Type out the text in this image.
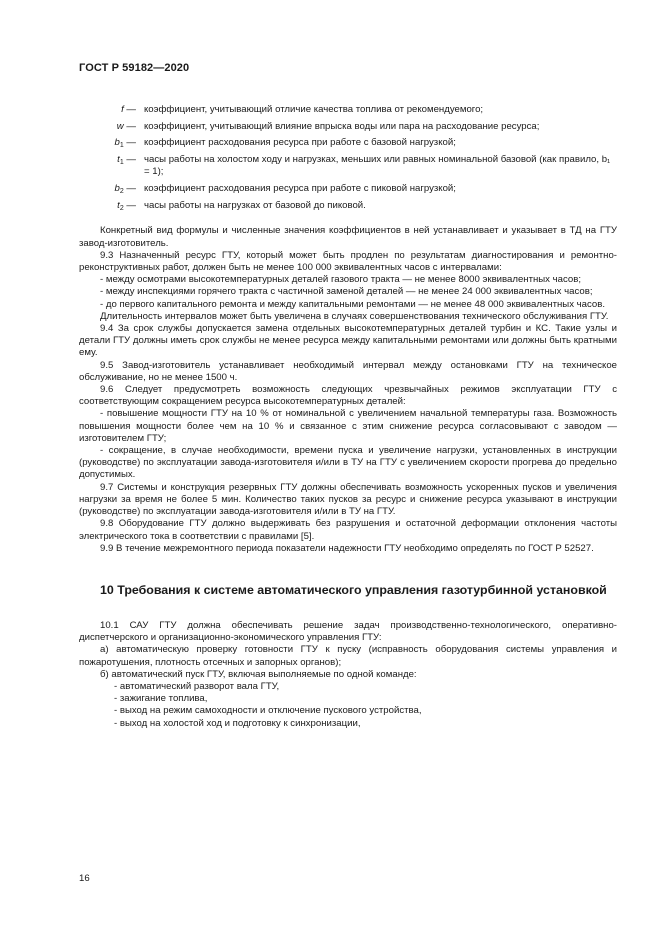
ГОСТ Р 59182—2020
f — коэффициент, учитывающий отличие качества топлива от рекомендуемого;
w — коэффициент, учитывающий влияние впрыска воды или пара на расходование ресурса;
$b_1$ — коэффициент расходования ресурса при работе с базовой нагрузкой;
$t_1$ — часы работы на холостом ходу и нагрузках, меньших или равных номинальной базовой (как правило, b₁ = 1);
$b_2$ — коэффициент расходования ресурса при работе с пиковой нагрузкой;
$t_2$ — часы работы на нагрузках от базовой до пиковой.

Конкретный вид формулы и численные значения коэффициентов в ней устанавливает и указывает в ТД на ГТУ завод-изготовитель.

9.3 Назначенный ресурс ГТУ, который может быть продлен по результатам диагностирования и ремонтно-реконструктивных работ, должен быть не менее 100 000 эквивалентных часов с интервалами:

- между осмотрами высокотемпературных деталей газового тракта — не менее 8000 эквивалентных часов;

- между инспекциями горячего тракта с частичной заменой деталей — не менее 24 000 эквивалентных часов;

- до первого капитального ремонта и между капитальными ремонтами — не менее 48 000 эквивалентных часов.

Длительность интервалов может быть увеличена в случаях совершенствования технического обслуживания ГТУ.

9.4 За срок службы допускается замена отдельных высокотемпературных деталей турбин и КС. Такие узлы и детали ГТУ должны иметь срок службы не менее ресурса между капитальными ремонтами или должны быть кратными ему.

9.5 Завод-изготовитель устанавливает необходимый интервал между остановками ГТУ на техническое обслуживание, но не менее 1500 ч.

9.6 Следует предусмотреть возможность следующих чрезвычайных режимов эксплуатации ГТУ с соответствующим сокращением ресурса высокотемпературных деталей:

- повышение мощности ГТУ на 10 % от номинальной с увеличением начальной температуры газа. Возможность повышения мощности более чем на 10 % и связанное с этим снижение ресурса согласовывают с заводом — изготовителем ГТУ;

- сокращение, в случае необходимости, времени пуска и увеличение нагрузки, установленных в инструкции (руководстве) по эксплуатации завода-изготовителя и/или в ТУ на ГТУ с увеличением скорости прогрева до предельно допустимых.

9.7 Системы и конструкция резервных ГТУ должны обеспечивать возможность ускоренных пусков и увеличения нагрузки за время не более 5 мин. Количество таких пусков за ресурс и снижение ресурса указывают в инструкции (руководстве) по эксплуатации завода-изготовителя и/или в ТУ на ГТУ.

9.8 Оборудование ГТУ должно выдерживать без разрушения и остаточной деформации отклонения частоты электрического тока в соответствии с правилами [5].

9.9 В течение межремонтного периода показатели надежности ГТУ необходимо определять по ГОСТ Р 52527.

10 Требования к системе автоматического управления газотурбинной установкой

10.1 САУ ГТУ должна обеспечивать решение задач производственно-технологического, оперативно-диспетчерского и организационно-экономического управления ГТУ:

а) автоматическую проверку готовности ГТУ к пуску (исправность оборудования системы управления и пожаротушения, плотность отсечных и запорных органов);

б) автоматический пуск ГТУ, включая выполняемые по одной команде:

- автоматический разворот вала ГТУ,

- зажигание топлива,

- выход на режим самоходности и отключение пускового устройства,

- выход на холостой ход и подготовку к синхронизации,

16
